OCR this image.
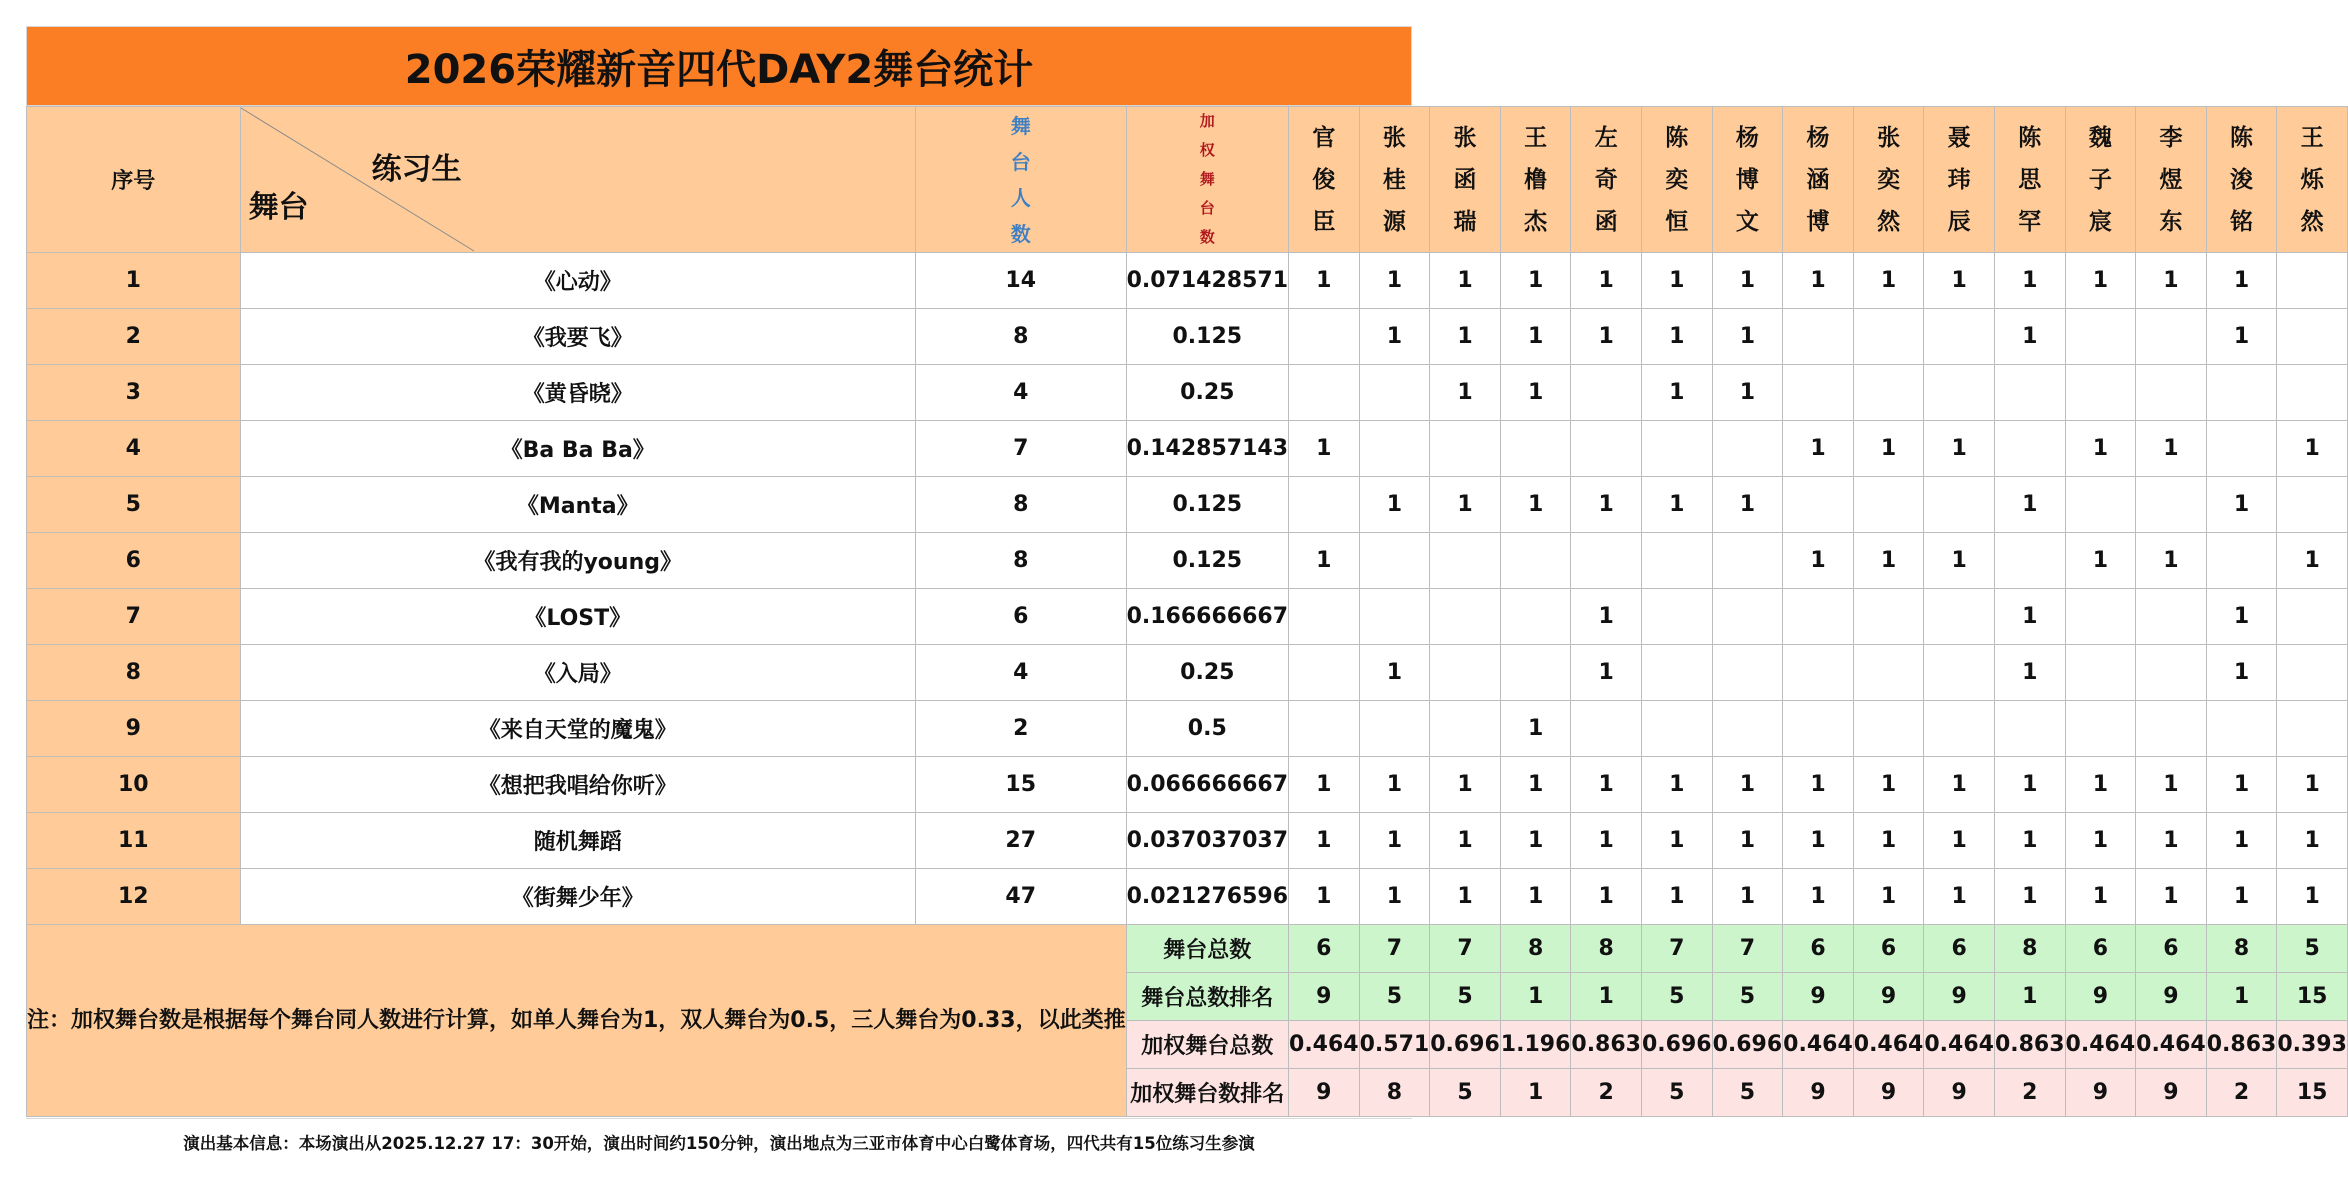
2026荣耀新音四代DAY2舞台统计
序号	练习生
舞台	舞台人数	加权舞台数	官俊臣	张桂源	张函瑞	王橹杰	左奇函	陈奕恒	杨博文	杨涵博	张奕然	聂玮辰	陈思罕	魏子宸	李煜东	陈浚铭	王烁然
1	《心动》	14	0.071428571	1	1	1	1	1	1	1	1	1	1	1	1	1	1	
2	《我要飞》	8	0.125		1	1	1	1	1	1				1			1	
3	《黄昏晓》	4	0.25			1	1		1	1								
4	《Ba Ba Ba》	7	0.142857143	1							1	1	1		1	1		1
5	《Manta》	8	0.125		1	1	1	1	1	1				1			1	
6	《我有我的young》	8	0.125	1							1	1	1		1	1		1
7	《LOST》	6	0.166666667					1						1			1	
8	《入局》	4	0.25		1			1						1			1	
9	《来自天堂的魔鬼》	2	0.5				1											
10	《想把我唱给你听》	15	0.066666667	1	1	1	1	1	1	1	1	1	1	1	1	1	1	1
11	随机舞蹈	27	0.037037037	1	1	1	1	1	1	1	1	1	1	1	1	1	1	1
12	《街舞少年》	47	0.021276596	1	1	1	1	1	1	1	1	1	1	1	1	1	1	1
注：加权舞台数是根据每个舞台同人数进行计算，如单人舞台为1，双人舞台为0.5，三人舞台为0.33，以此类推			舞台总数	6	7	7	8	8	7	7	6	6	6	8	6	6	8	5
			舞台总数排名	9	5	5	1	1	5	5	9	9	9	1	9	9	1	15
			加权舞台总数	0.464	0.571	0.696	1.196	0.863	0.696	0.696	0.464	0.464	0.464	0.863	0.464	0.464	0.863	0.393
			加权舞台数排名	9	8	5	1	2	5	5	9	9	9	2	9	9	2	15
演出基本信息：本场演出从2025.12.27 17：30开始，演出时间约150分钟，演出地点为三亚市体育中心白鹭体育场，四代共有15位练习生参演
